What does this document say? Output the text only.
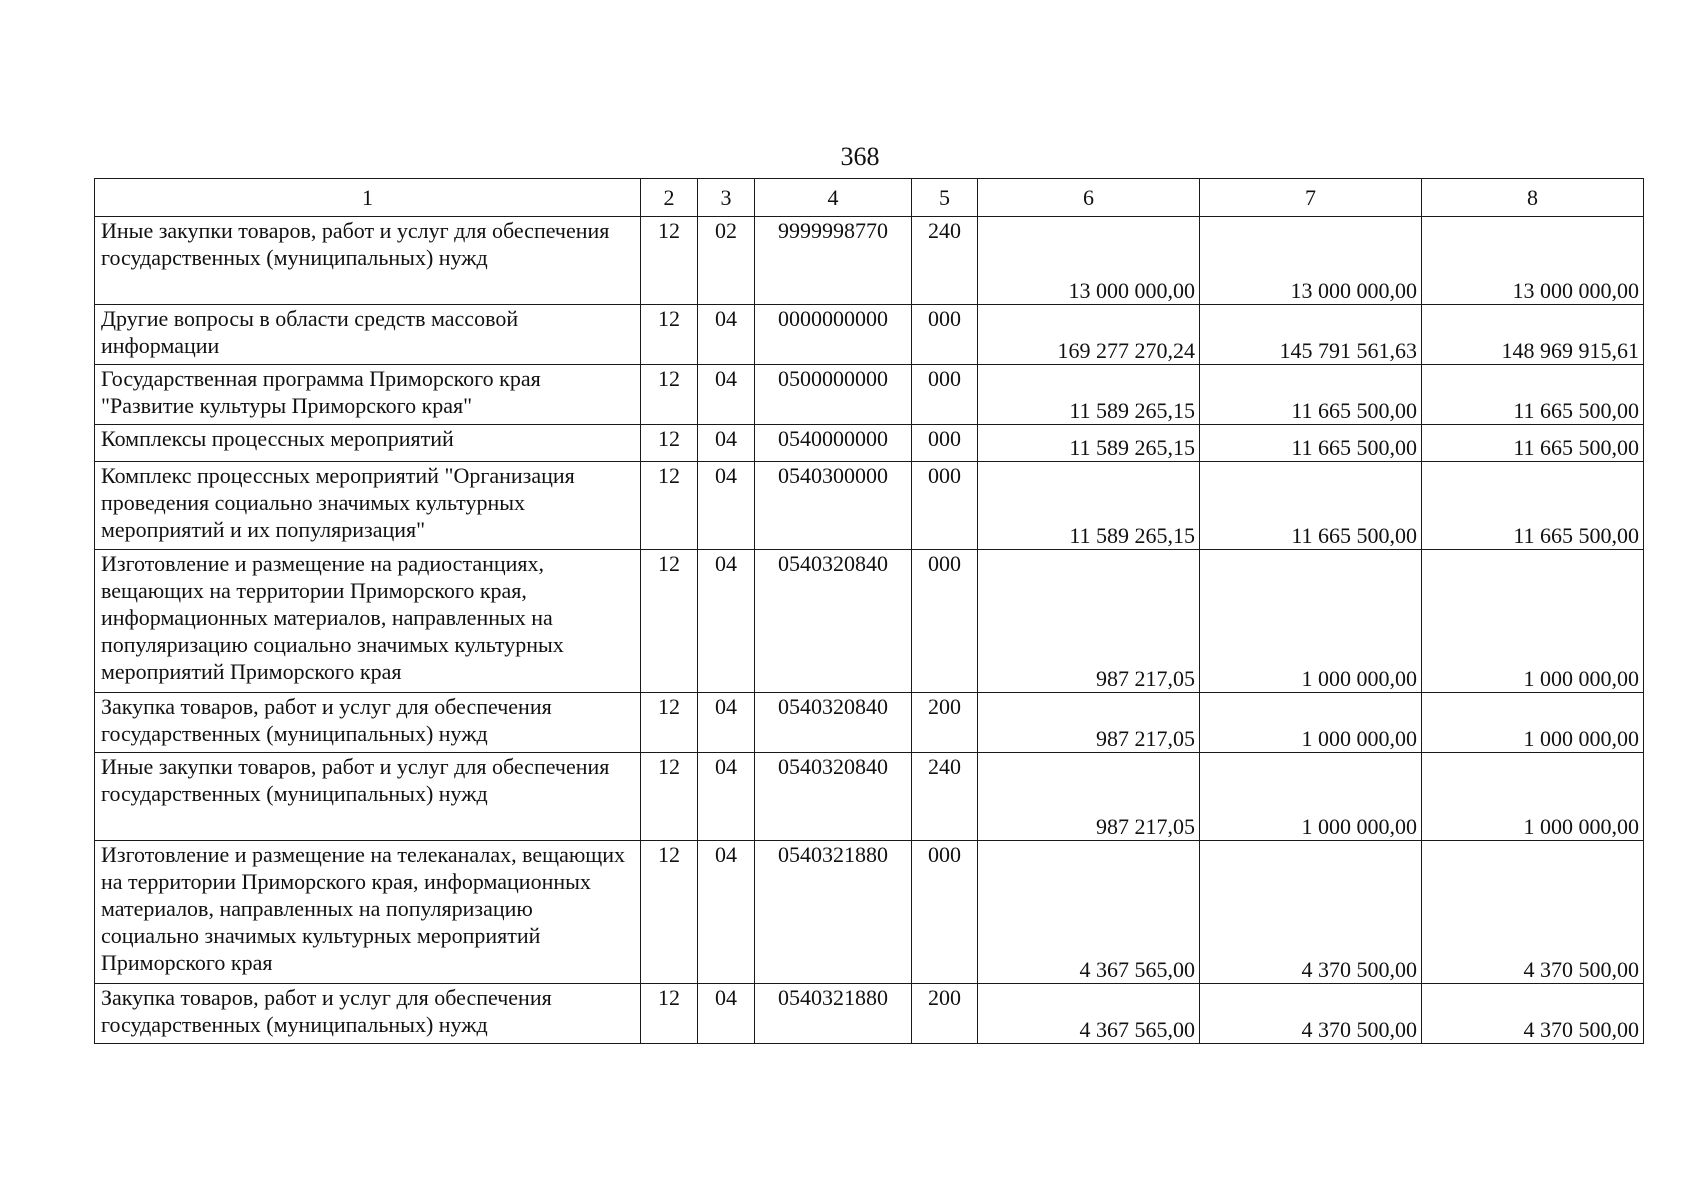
368
1	2	3	4	5	6	7	8
Иные закупки товаров, работ и услуг для обеспечения государственных (муниципальных) нужд	12	02	9999998770	240	13 000 000,00	13 000 000,00	13 000 000,00
Другие вопросы в области средств массовой информации	12	04	0000000000	000	169 277 270,24	145 791 561,63	148 969 915,61
Государственная программа Приморского края "Развитие культуры Приморского края"	12	04	0500000000	000	11 589 265,15	11 665 500,00	11 665 500,00
Комплексы процессных мероприятий	12	04	0540000000	000	11 589 265,15	11 665 500,00	11 665 500,00
Комплекс процессных мероприятий "Организация проведения социально значимых культурных мероприятий и их популяризация"	12	04	0540300000	000	11 589 265,15	11 665 500,00	11 665 500,00
Изготовление и размещение на радиостанциях, вещающих на территории Приморского края, информационных материалов, направленных на популяризацию социально значимых культурных мероприятий Приморского края	12	04	0540320840	000	987 217,05	1 000 000,00	1 000 000,00
Закупка товаров, работ и услуг для обеспечения государственных (муниципальных) нужд	12	04	0540320840	200	987 217,05	1 000 000,00	1 000 000,00
Иные закупки товаров, работ и услуг для обеспечения государственных (муниципальных) нужд	12	04	0540320840	240	987 217,05	1 000 000,00	1 000 000,00
Изготовление и размещение на телеканалах, вещающих на территории Приморского края, информационных материалов, направленных на популяризацию социально значимых культурных мероприятий Приморского края	12	04	0540321880	000	4 367 565,00	4 370 500,00	4 370 500,00
Закупка товаров, работ и услуг для обеспечения государственных (муниципальных) нужд	12	04	0540321880	200	4 367 565,00	4 370 500,00	4 370 500,00
